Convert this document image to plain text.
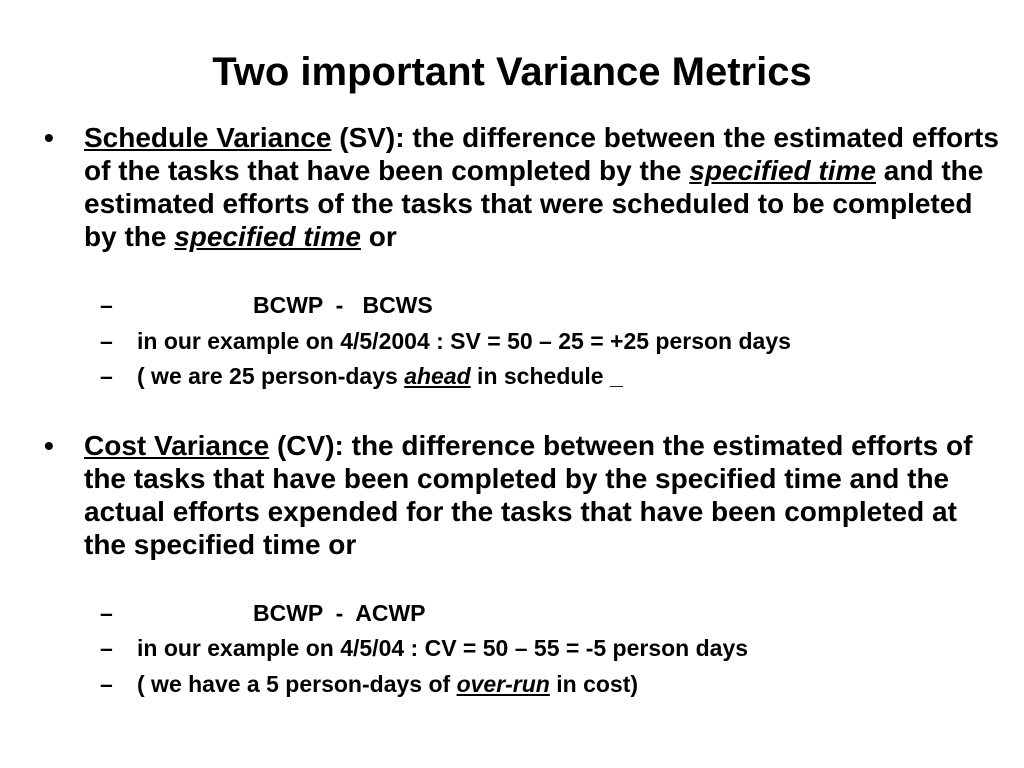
Two important Variance Metrics
• Schedule Variance (SV): the difference between the estimated efforts of the tasks that have been completed by the specified time and the estimated efforts of the tasks that were scheduled to be completed by the specified time or

–	BCWP  -   BCWS
– in our example on 4/5/2004 : SV = 50 – 25 = +25 person days
– ( we are 25 person-days ahead in schedule _
• Cost Variance (CV): the difference between the estimated efforts of the tasks that have been completed by the specified time and the actual efforts expended for the tasks that have been completed at the specified time or

–	BCWP  -  ACWP
– in our example on 4/5/04 : CV = 50 – 55 = -5 person days
– ( we have a 5 person-days of over-run in cost)
